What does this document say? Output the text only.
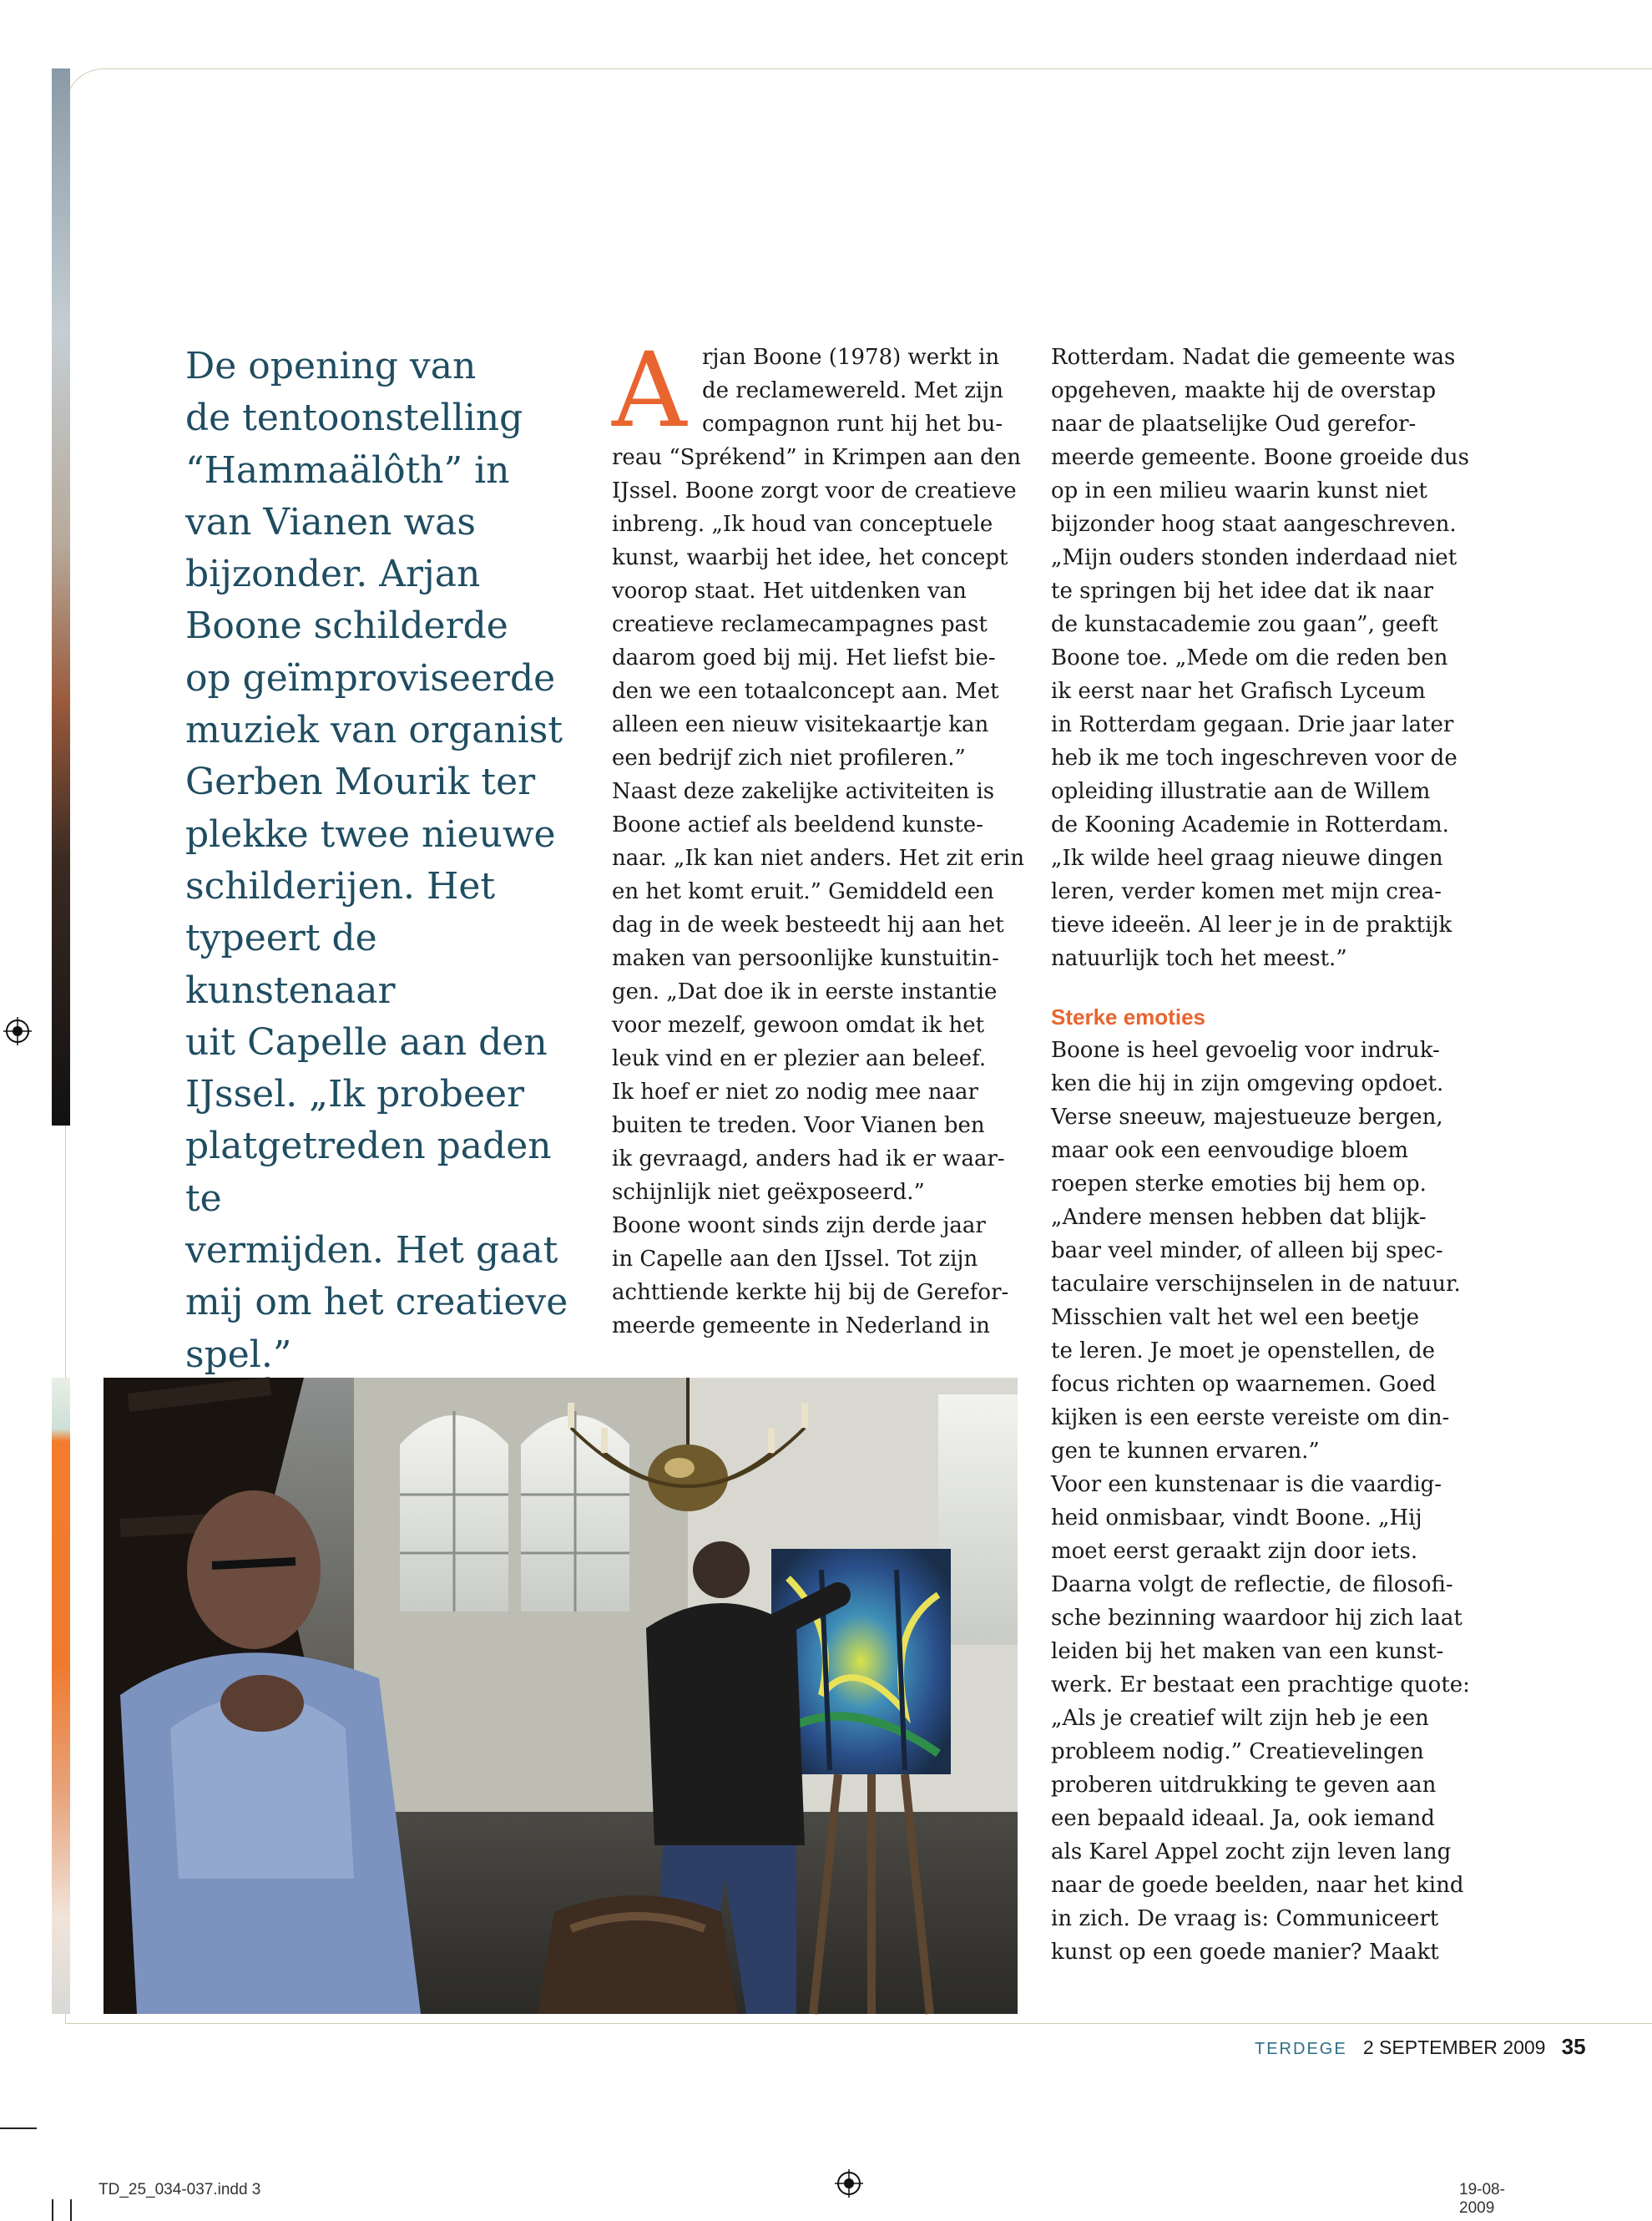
De opening van
de tentoonstelling
“Hammaälôth” in
van Vianen was
bijzonder. Arjan
Boone schilderde
op geïmproviseerde
muziek van organist
Gerben Mourik ter
plekke twee nieuwe
schilderijen. Het
typeert de kunstenaar
uit Capelle aan den
IJssel. „Ik probeer
platgetreden paden te
vermijden. Het gaat
mij om het creatieve
spel.”
A rjan Boone (1978) werkt in

de reclamewereld. Met zijn

compagnon runt hij het bu-

reau “Sprékend” in Krimpen aan den

IJssel. Boone zorgt voor de creatieve

inbreng. „Ik houd van conceptuele

kunst, waarbij het idee, het concept

voorop staat. Het uitdenken van

creatieve reclamecampagnes past

daarom goed bij mij. Het liefst bie-

den we een totaalconcept aan. Met

alleen een nieuw visitekaartje kan

een bedrijf zich niet profileren.”

Naast deze zakelijke activiteiten is

Boone actief als beeldend kunste-

naar. „Ik kan niet anders. Het zit erin

en het komt eruit.” Gemiddeld een

dag in de week besteedt hij aan het

maken van persoonlijke kunstuitin-

gen. „Dat doe ik in eerste instantie

voor mezelf, gewoon omdat ik het

leuk vind en er plezier aan beleef.

Ik hoef er niet zo nodig mee naar

buiten te treden. Voor Vianen ben

ik gevraagd, anders had ik er waar-

schijnlijk niet geëxposeerd.”

Boone woont sinds zijn derde jaar

in Capelle aan den IJssel. Tot zijn

achttiende kerkte hij bij de Gerefor-

meerde gemeente in Nederland in

Rotterdam. Nadat die gemeente was

opgeheven, maakte hij de overstap

naar de plaatselijke Oud gerefor-

meerde gemeente. Boone groeide dus

op in een milieu waarin kunst niet

bijzonder hoog staat aangeschreven.

„Mijn ouders stonden inderdaad niet

te springen bij het idee dat ik naar

de kunstacademie zou gaan”, geeft

Boone toe. „Mede om die reden ben

ik eerst naar het Grafisch Lyceum

in Rotterdam gegaan. Drie jaar later

heb ik me toch ingeschreven voor de

opleiding illustratie aan de Willem

de Kooning Academie in Rotterdam.

„Ik wilde heel graag nieuwe dingen

leren, verder komen met mijn crea-

tieve ideeën. Al leer je in de praktijk

natuurlijk toch het meest.”

Sterke emoties

Boone is heel gevoelig voor indruk-

ken die hij in zijn omgeving opdoet.

Verse sneeuw, majestueuze bergen,

maar ook een eenvoudige bloem

roepen sterke emoties bij hem op.

„Andere mensen hebben dat blijk-

baar veel minder, of alleen bij spec-

taculaire verschijnselen in de natuur.

Misschien valt het wel een beetje

te leren. Je moet je openstellen, de

focus richten op waarnemen. Goed

kijken is een eerste vereiste om din-

gen te kunnen ervaren.”

Voor een kunstenaar is die vaardig-

heid onmisbaar, vindt Boone. „Hij

moet eerst geraakt zijn door iets.

Daarna volgt de reflectie, de filosofi-

sche bezinning waardoor hij zich laat

leiden bij het maken van een kunst-

werk. Er bestaat een prachtige quote:

„Als je creatief wilt zijn heb je een

probleem nodig.” Creatievelingen

proberen uitdrukking te geven aan

een bepaald ideaal. Ja, ook iemand

als Karel Appel zocht zijn leven lang

naar de goede beelden, naar het kind

in zich. De vraag is: Communiceert

kunst op een goede manier? Maakt

TERDEGE 2 SEPTEMBER 2009 35
TD_25_034-037.indd 3	19-08-2009
